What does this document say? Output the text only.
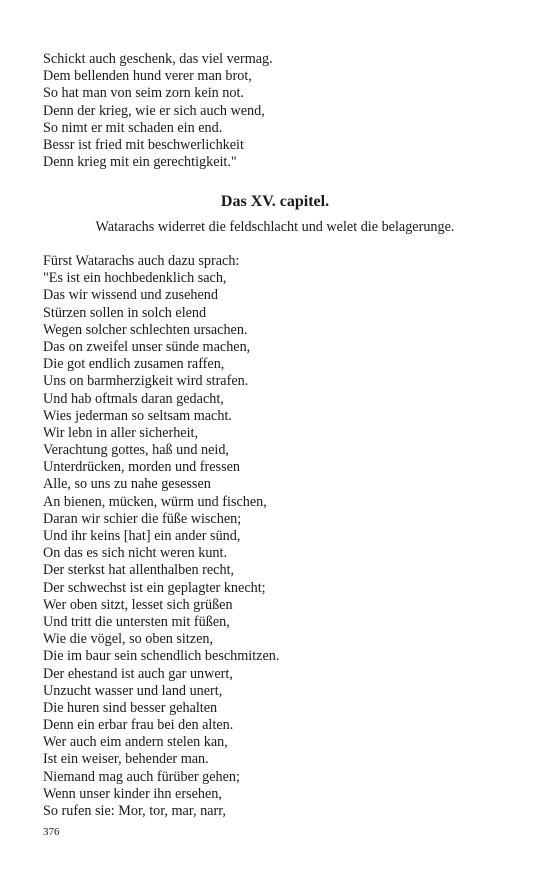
Schickt auch geschenk, das viel vermag.
Dem bellenden hund verer man brot,
So hat man von seim zorn kein not.
Denn der krieg, wie er sich auch wend,
So nimt er mit schaden ein end.
Bessr ist fried mit beschwerlichkeit
Denn krieg mit ein gerechtigkeit."
Das XV. capitel.

Watarachs widerret die feldschlacht und welet die belagerunge.

Fürst Watarachs auch dazu sprach:
"Es ist ein hochbedenklich sach,
Das wir wissend und zusehend
Stürzen sollen in solch elend
Wegen solcher schlechten ursachen.
Das on zweifel unser sünde machen,
Die got endlich zusamen raffen,
Uns on barmherzigkeit wird strafen.
Und hab oftmals daran gedacht,
Wies jederman so seltsam macht.
Wir lebn in aller sicherheit,
Verachtung gottes, haß und neid,
Unterdrücken, morden und fressen
Alle, so uns zu nahe gesessen
An bienen, mücken, würm und fischen,
Daran wir schier die füße wischen;
Und ihr keins [hat] ein ander sünd,
On das es sich nicht weren kunt.
Der sterkst hat allenthalben recht,
Der schwechst ist ein geplagter knecht;
Wer oben sitzt, lesset sich grüßen
Und tritt die untersten mit füßen,
Wie die vögel, so oben sitzen,
Die im baur sein schendlich beschmitzen.
Der ehestand ist auch gar unwert,
Unzucht wasser und land unert,
Die huren sind besser gehalten
Denn ein erbar frau bei den alten.
Wer auch eim andern stelen kan,
Ist ein weiser, behender man.
Niemand mag auch fürüber gehen;
Wenn unser kinder ihn ersehen,
So rufen sie: Mor, tor, mar, narr,
376
